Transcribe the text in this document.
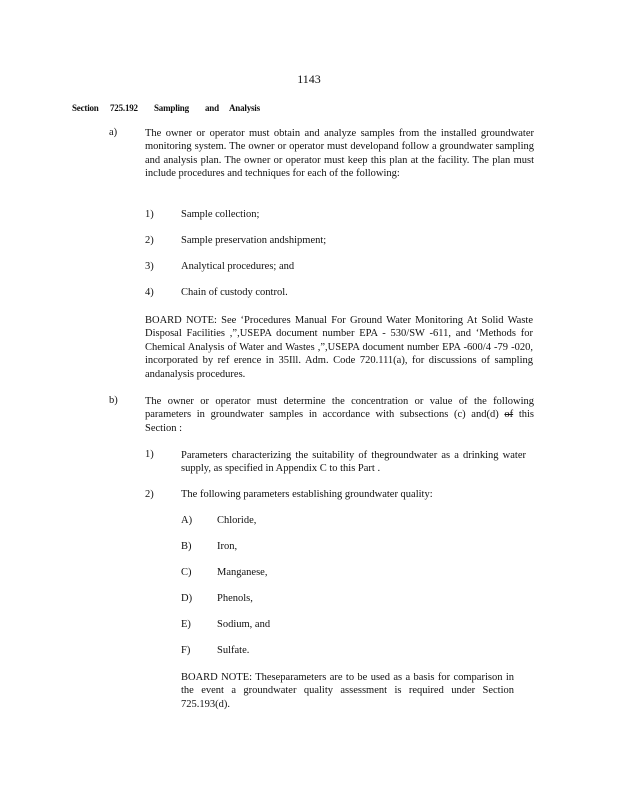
1143
Section 725.192 Sampling and Analysis
a)	The owner or operator must obtain and analyze samples from the installed groundwater monitoring system. The owner or operator must developand follow a groundwater sampling and analysis plan. The owner or operator must keep this plan at the facility. The plan must include procedures and techniques for each of the following:
1)	Sample collection;
2)	Sample preservation andshipment;
3)	Analytical procedures; and
4)	Chain of custody control.
BOARD NOTE: See ‘Procedures Manual For Ground Water Monitoring At Solid Waste Disposal Facilities ,”,USEPA document number EPA - 530/SW -611, and ‘Methods for Chemical Analysis of Water and Wastes ,”,USEPA document number EPA -600/4 -79 -020, incorporated by ref erence in 35Ill. Adm. Code 720.111(a), for discussions of sampling andanalysis procedures.
b)	The owner or operator must determine the concentration or value of the following parameters in groundwater samples in accordance with subsections (c) and(d) of this Section :
1)	Parameters characterizing the suitability of thegroundwater as a drinking water supply, as specified in Appendix C to this Part .
2)	The following parameters establishing groundwater quality:
A) Chloride,
B) Iron,
C) Manganese,
D) Phenols,
E) Sodium, and
F)	Sulfate.
BOARD NOTE: Theseparameters are to be used as a basis for comparison in the event a groundwater quality assessment is required under Section 725.193(d).
